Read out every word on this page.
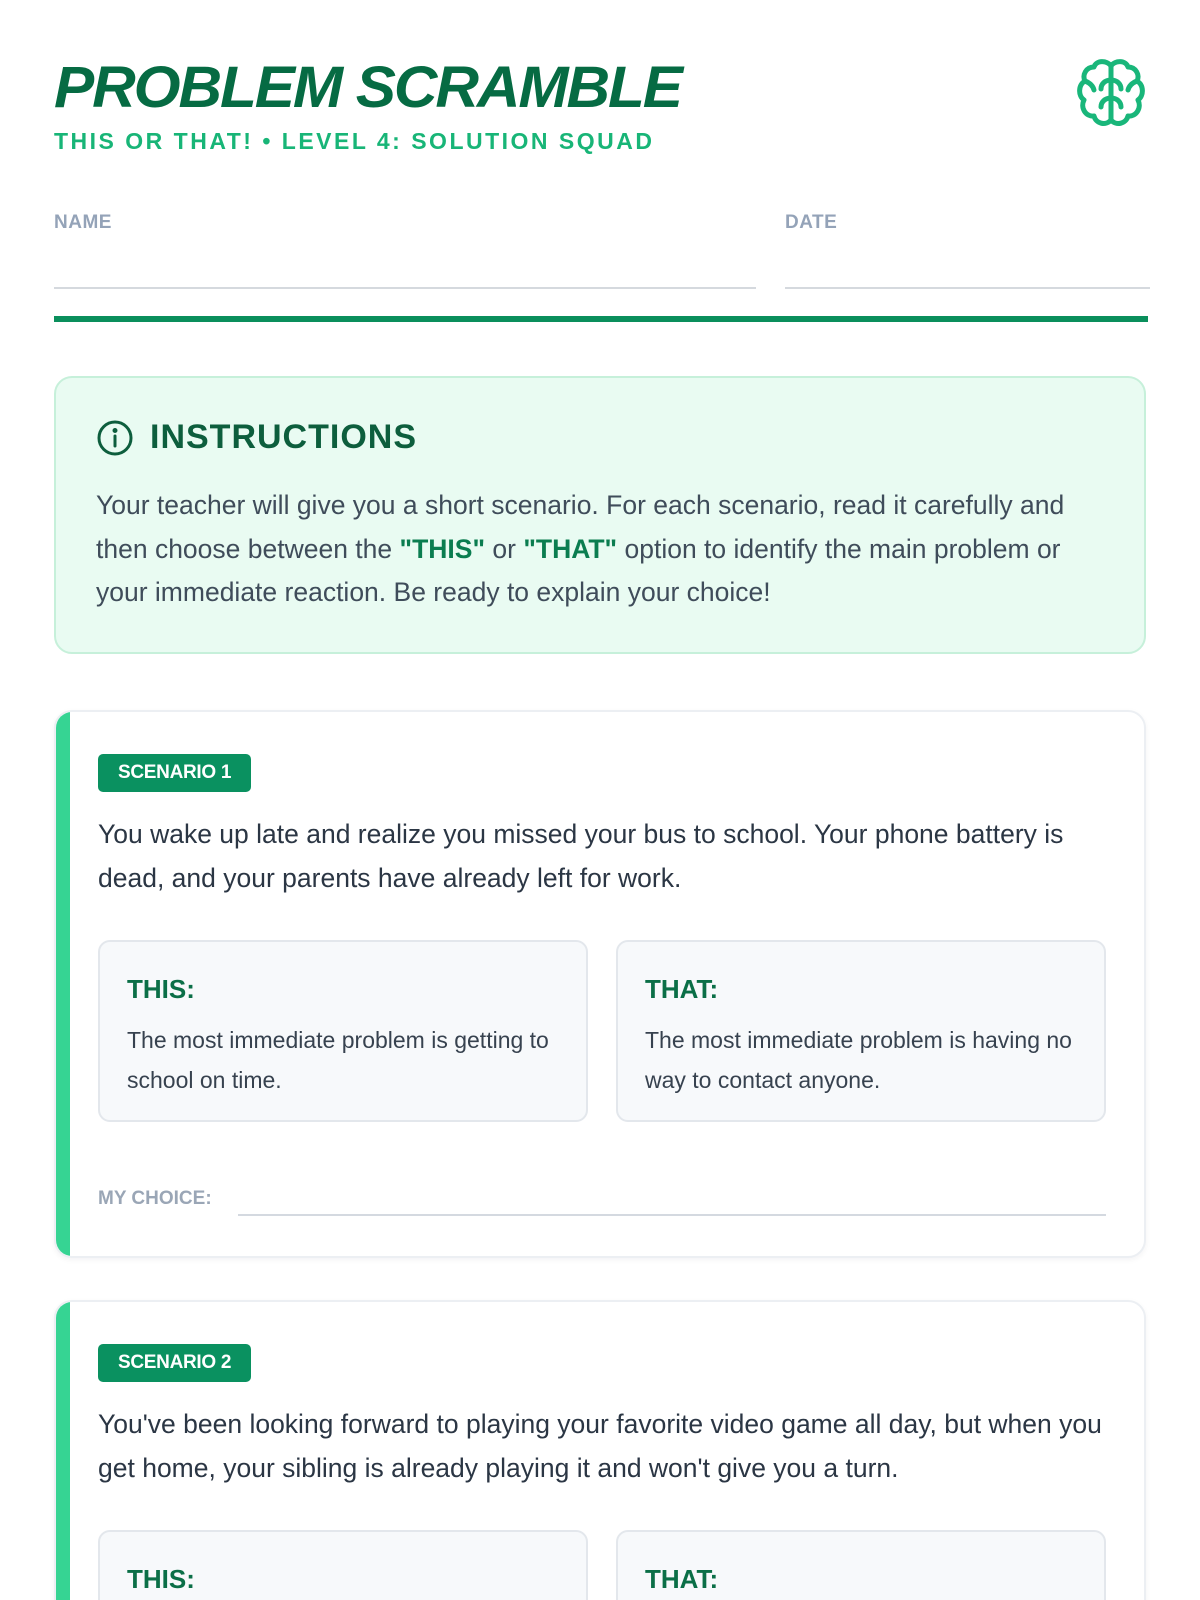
PROBLEM SCRAMBLE
THIS OR THAT! • LEVEL 4: SOLUTION SQUAD
NAME	DATE
INSTRUCTIONS
Your teacher will give you a short scenario. For each scenario, read it carefully and then choose between the "THIS" or "THAT" option to identify the main problem or your immediate reaction. Be ready to explain your choice!
SCENARIO 1
You wake up late and realize you missed your bus to school. Your phone battery is dead, and your parents have already left for work.
THIS:
The most immediate problem is getting to school on time.
THAT:
The most immediate problem is having no way to contact anyone.
MY CHOICE:
SCENARIO 2
You've been looking forward to playing your favorite video game all day, but when you get home, your sibling is already playing it and won't give you a turn.
THIS:	THAT:
